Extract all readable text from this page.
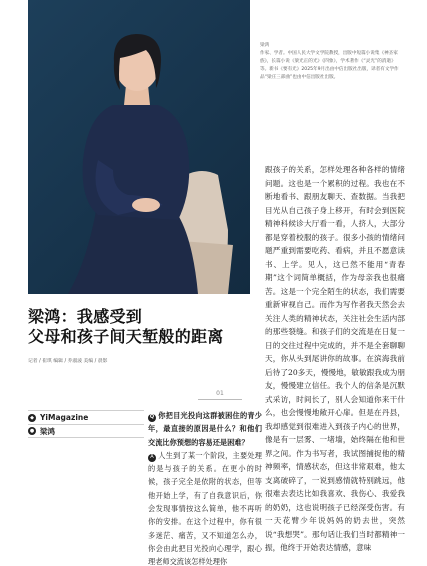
梁鸿
作家、学者。中国人民大学文学院教授，出版中短篇小说集《神圣家族》，长篇小说《梁光正的光》《四象》，学术著作《“灵光”的消逝》等。新书《要有光》2025年9月出由中信出版社出版，译者有文学作品“梁庄三部曲”也由中信出版社出版。

跟孩子的关系，怎样处理各种各样的情绪问题。这也是一个累积的过程。我也在不断地看书、跟朋友聊天、查数据。当我把目光从自己孩子身上移开，有时会到医院精神科候诊大厅看一看，人挤人，大部分都是穿着校服的孩子。很多小孩的情绪问题严重到需要吃药、看病，并且不愿意读书、上学。见人，这已然不能用“青春期”这个词简单概括，作为母亲我也很痛苦。这是一个完全陌生的状态，我们需要重新审视自己。而作为写作者我天然会去关注人类的精神状态，关注社会生活内部的那些裂缝。和孩子们的交流是在日复一日的交往过程中完成的，并不是全套聊聊天，你从头到尾讲你的故事。在滨海我前后待了20多天，慢慢地，敏敏跟我成为朋友，慢慢建立信任。我个人的信条是沉默式采访，时间长了，别人会知道你来干什么，也会慢慢地敞开心扉。但是在丹县，我却感觉到很难进入到孩子内心的世界，像是有一层雾、一堵墙，始终隔在他和世界之间。作为书写者，我试图捕捉他的精神频率，情感状态，但这非常艰难，他太支离破碎了，一说到感情就特别跳远，他很难去表达比如我喜欢、我伤心、我爱我的奶奶，这也说明孩子已经深受伤害。有一天花臂少年说妈妈的奶去世，突然说“我想哭”。那句话让我们当时都精神一振，他终于开始表达情感，意味

梁鸿：我感受到
父母和孩子间天堑般的距离
记者 / 崔琪 编辑 / 乔淑波 美编 / 晨影
01
◆ YiMagazine
● 梁鸿

Q 你把目光投向这群被困住的青少年，最直接的原因是什么？和他们交流比你预想的容易还是困难？

A 人生到了某一个阶段，主要处理的是与孩子的关系。在更小的时候，孩子完全是依附的状态，但等他开始上学，有了自我意识后，你会发现事情按这么简单，他不再听你的安排。在这个过程中，你有很多迷茫、痛苦，又不知道怎么办，你会由此把目光投向心理学，跟心理老师交流该怎样处理你
